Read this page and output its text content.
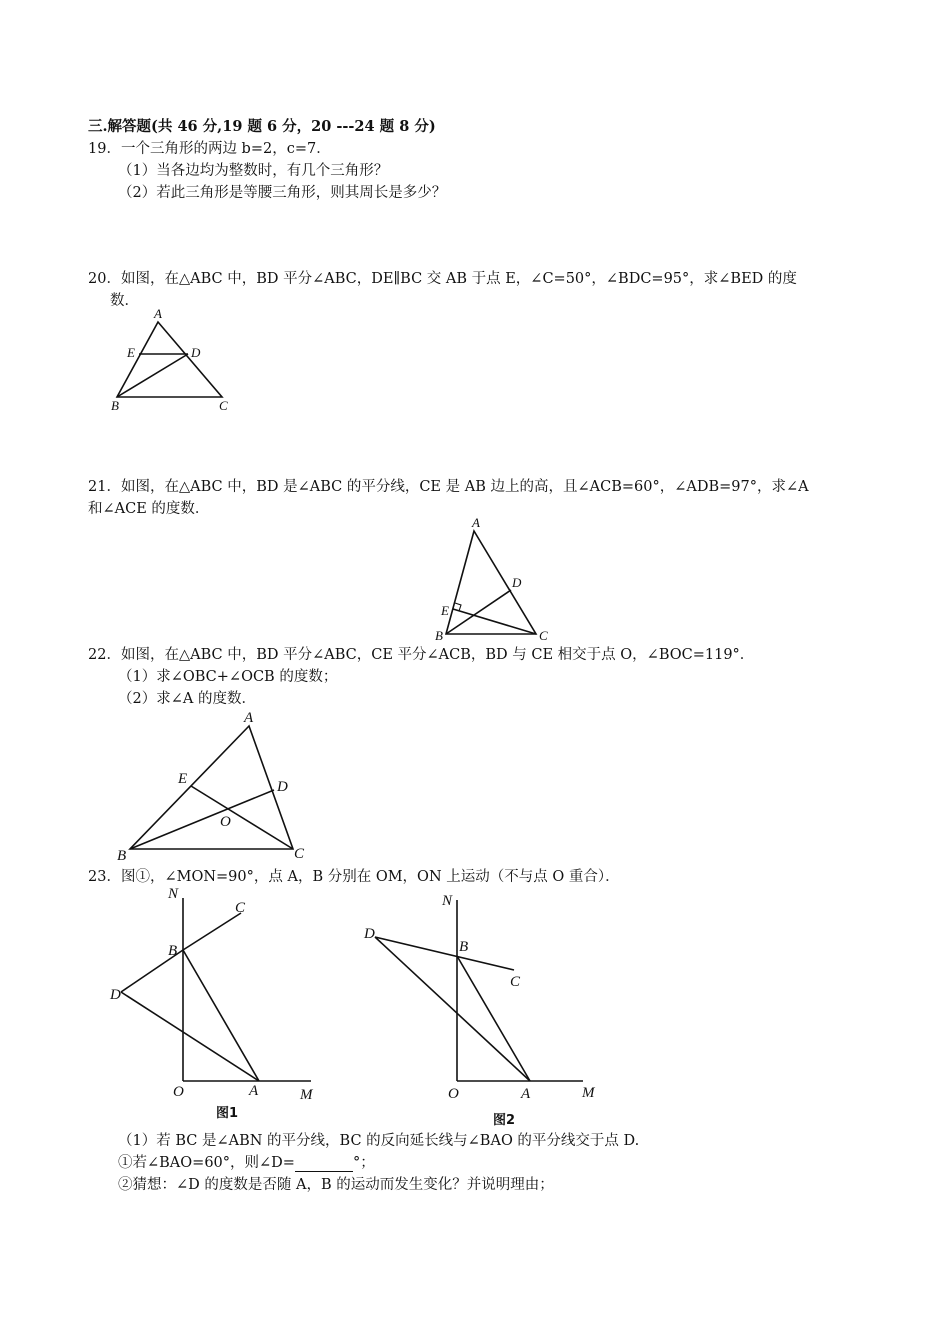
三.解答题(共 46 分,19 题 6 分，20 ---24 题 8 分)
19．一个三角形的两边 b=2，c=7．
（1）当各边均为整数时，有几个三角形？
（2）若此三角形是等腰三角形，则其周长是多少？
20．如图，在△ABC 中，BD 平分∠ABC，DE∥BC 交 AB 于点 E，∠C=50°，∠BDC=95°，求∠BED 的度
数．
A
E	D
B	C
21．如图，在△ABC 中，BD 是∠ABC 的平分线，CE 是 AB 边上的高，且∠ACB=60°，∠ADB=97°，求∠A
和∠ACE 的度数．
A
D
E
B	C
22．如图，在△ABC 中，BD 平分∠ABC，CE 平分∠ACB，BD 与 CE 相交于点 O，∠BOC=119°．
（1）求∠OBC+∠OCB 的度数；
（2）求∠A 的度数．
A
E	D
O
B	C
23．图①，∠MON=90°，点 A，B 分别在 OM，ON 上运动（不与点 O 重合）．
N
C
B
D
O	A	M
图1
N
D
B
C
O	A	M
图2
（1）若 BC 是∠ABN 的平分线，BC 的反向延长线与∠BAO 的平分线交于点 D.
①若∠BAO=60°，则∠D=	°；
②猜想：∠D 的度数是否随 A，B 的运动而发生变化？并说明理由；
